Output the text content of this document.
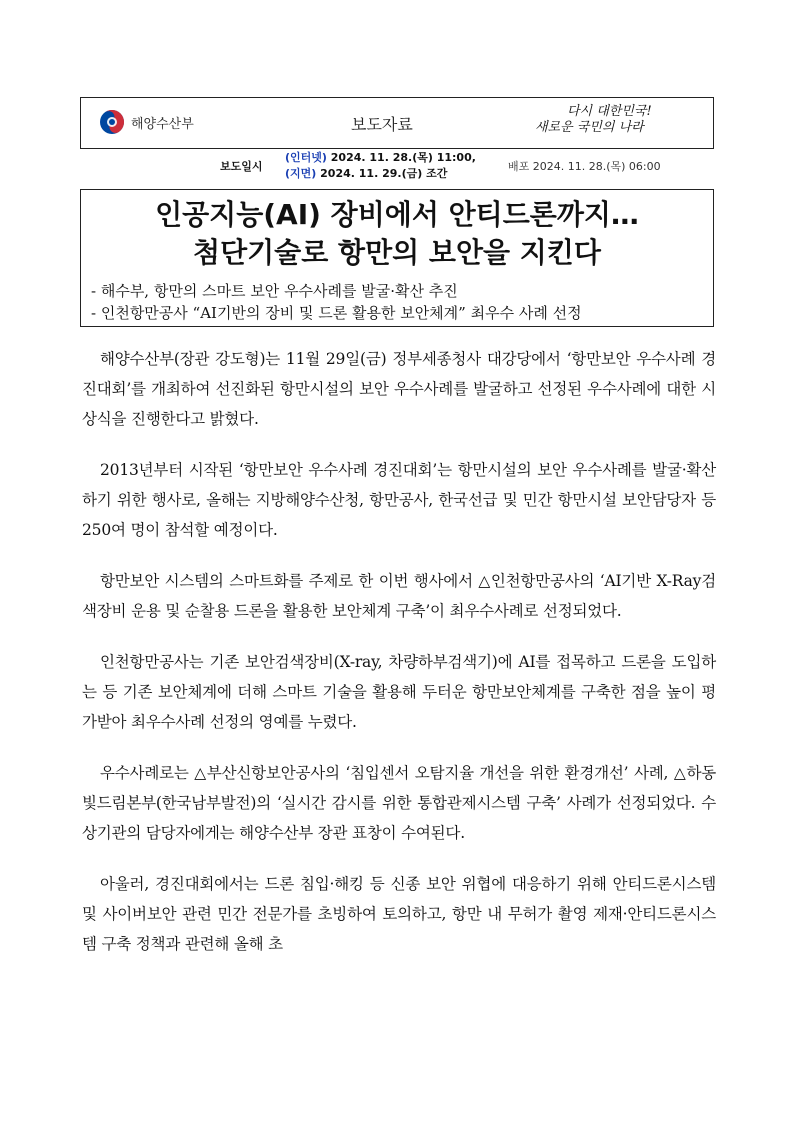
해양수산부	보도자료
다시 대한민국!
새로운 국민의 나라
보도일시
(인터넷) 2024. 11. 28.(목) 11:00,
(지면) 2024. 11. 29.(금) 조간
배포 2024. 11. 28.(목) 06:00
인공지능(AI) 장비에서 안티드론까지…
첨단기술로 항만의 보안을 지킨다
- 해수부, 항만의 스마트 보안 우수사례를 발굴·확산 추진
- 인천항만공사 “AI기반의 장비 및 드론 활용한 보안체계” 최우수 사례 선정

해양수산부(장관 강도형)는 11월 29일(금) 정부세종청사 대강당에서 ‘항만보안 우수사례 경진대회’를 개최하여 선진화된 항만시설의 보안 우수사례를 발굴하고 선정된 우수사례에 대한 시상식을 진행한다고 밝혔다.

2013년부터 시작된 ‘항만보안 우수사례 경진대회’는 항만시설의 보안 우수사례를 발굴·확산하기 위한 행사로, 올해는 지방해양수산청, 항만공사, 한국선급 및 민간 항만시설 보안담당자 등 250여 명이 참석할 예정이다.

항만보안 시스템의 스마트화를 주제로 한 이번 행사에서 △인천항만공사의 ‘AI기반 X-Ray검색장비 운용 및 순찰용 드론을 활용한 보안체계 구축’이 최우수사례로 선정되었다.

인천항만공사는 기존 보안검색장비(X-ray, 차량하부검색기)에 AI를 접목하고 드론을 도입하는 등 기존 보안체계에 더해 스마트 기술을 활용해 두터운 항만보안체계를 구축한 점을 높이 평가받아 최우수사례 선정의 영예를 누렸다.

우수사례로는 △부산신항보안공사의 ‘침입센서 오탐지율 개선을 위한 환경개선’ 사례, △하동빛드림본부(한국남부발전)의 ‘실시간 감시를 위한 통합관제시스템 구축’ 사례가 선정되었다. 수상기관의 담당자에게는 해양수산부 장관 표창이 수여된다.

아울러, 경진대회에서는 드론 침입·해킹 등 신종 보안 위협에 대응하기 위해 안티드론시스템 및 사이버보안 관련 민간 전문가를 초빙하여 토의하고, 항만 내 무허가 촬영 제재·안티드론시스템 구축 정책과 관련해 올해 초
